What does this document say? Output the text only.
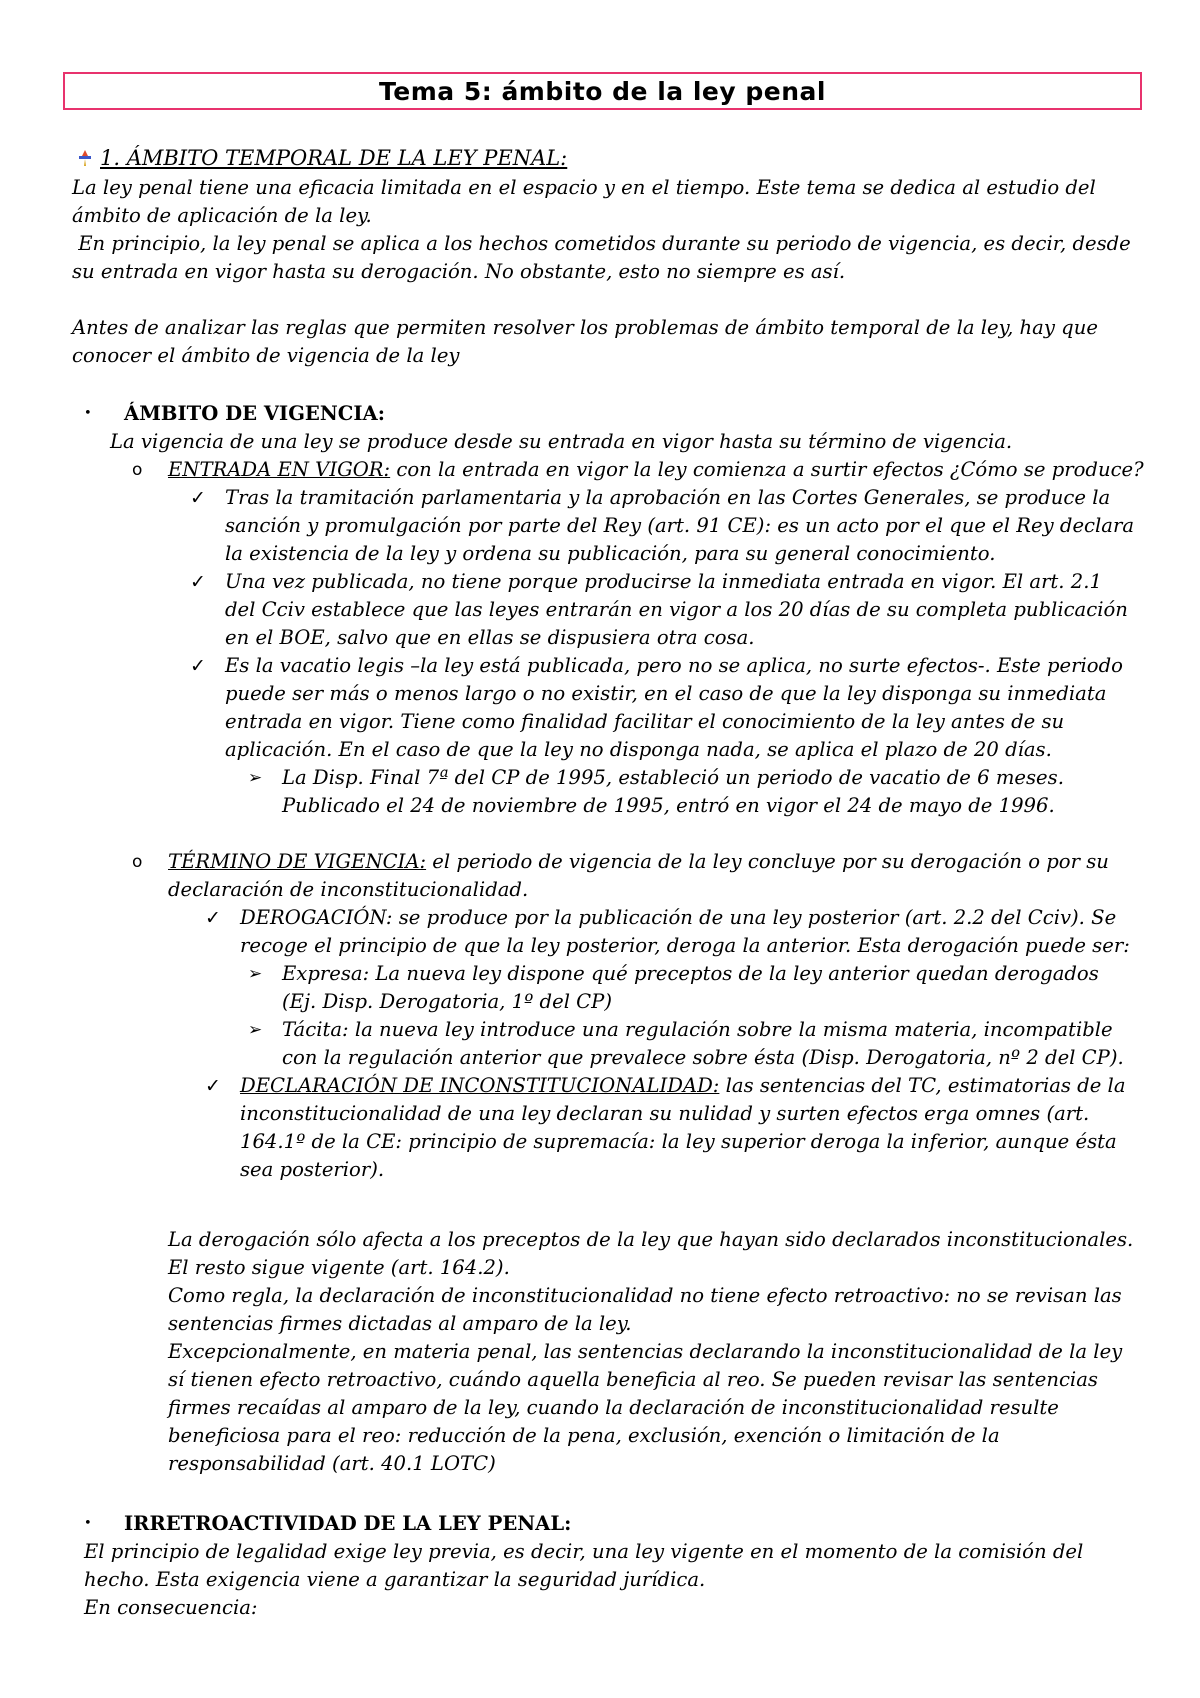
Tema 5: ámbito de la ley penal
1. ÁMBITO TEMPORAL DE LA LEY PENAL:
La ley penal tiene una eficacia limitada en el espacio y en el tiempo. Este tema se dedica al estudio del
ámbito de aplicación de la ley.
En principio, la ley penal se aplica a los hechos cometidos durante su periodo de vigencia, es decir, desde
su entrada en vigor hasta su derogación. No obstante, esto no siempre es así.
Antes de analizar las reglas que permiten resolver los problemas de ámbito temporal de la ley, hay que
conocer el ámbito de vigencia de la ley
• ÁMBITO DE VIGENCIA:
La vigencia de una ley se produce desde su entrada en vigor hasta su término de vigencia.
o ENTRADA EN VIGOR: con la entrada en vigor la ley comienza a surtir efectos ¿Cómo se produce?
✓ Tras la tramitación parlamentaria y la aprobación en las Cortes Generales, se produce la
sanción y promulgación por parte del Rey (art. 91 CE): es un acto por el que el Rey declara
la existencia de la ley y ordena su publicación, para su general conocimiento.
✓ Una vez publicada, no tiene porque producirse la inmediata entrada en vigor. El art. 2.1
del Cciv establece que las leyes entrarán en vigor a los 20 días de su completa publicación
en el BOE, salvo que en ellas se dispusiera otra cosa.
✓ Es la vacatio legis –la ley está publicada, pero no se aplica, no surte efectos-. Este periodo
puede ser más o menos largo o no existir, en el caso de que la ley disponga su inmediata
entrada en vigor. Tiene como finalidad facilitar el conocimiento de la ley antes de su
aplicación. En el caso de que la ley no disponga nada, se aplica el plazo de 20 días.
➢ La Disp. Final 7ª del CP de 1995, estableció un periodo de vacatio de 6 meses.
Publicado el 24 de noviembre de 1995, entró en vigor el 24 de mayo de 1996.
o TÉRMINO DE VIGENCIA: el periodo de vigencia de la ley concluye por su derogación o por su
declaración de inconstitucionalidad.
✓ DEROGACIÓN: se produce por la publicación de una ley posterior (art. 2.2 del Cciv). Se
recoge el principio de que la ley posterior, deroga la anterior. Esta derogación puede ser:
➢ Expresa: La nueva ley dispone qué preceptos de la ley anterior quedan derogados
(Ej. Disp. Derogatoria, 1º del CP)
➢ Tácita: la nueva ley introduce una regulación sobre la misma materia, incompatible
con la regulación anterior que prevalece sobre ésta (Disp. Derogatoria, nº 2 del CP).
✓ DECLARACIÓN DE INCONSTITUCIONALIDAD: las sentencias del TC, estimatorias de la
inconstitucionalidad de una ley declaran su nulidad y surten efectos erga omnes (art.
164.1º de la CE: principio de supremacía: la ley superior deroga la inferior, aunque ésta
sea posterior).
La derogación sólo afecta a los preceptos de la ley que hayan sido declarados inconstitucionales.
El resto sigue vigente (art. 164.2).
Como regla, la declaración de inconstitucionalidad no tiene efecto retroactivo: no se revisan las
sentencias firmes dictadas al amparo de la ley.
Excepcionalmente, en materia penal, las sentencias declarando la inconstitucionalidad de la ley
sí tienen efecto retroactivo, cuándo aquella beneficia al reo. Se pueden revisar las sentencias
firmes recaídas al amparo de la ley, cuando la declaración de inconstitucionalidad resulte
beneficiosa para el reo: reducción de la pena, exclusión, exención o limitación de la
responsabilidad (art. 40.1 LOTC)
• IRRETROACTIVIDAD DE LA LEY PENAL:
El principio de legalidad exige ley previa, es decir, una ley vigente en el momento de la comisión del
hecho. Esta exigencia viene a garantizar la seguridad jurídica.
En consecuencia:
